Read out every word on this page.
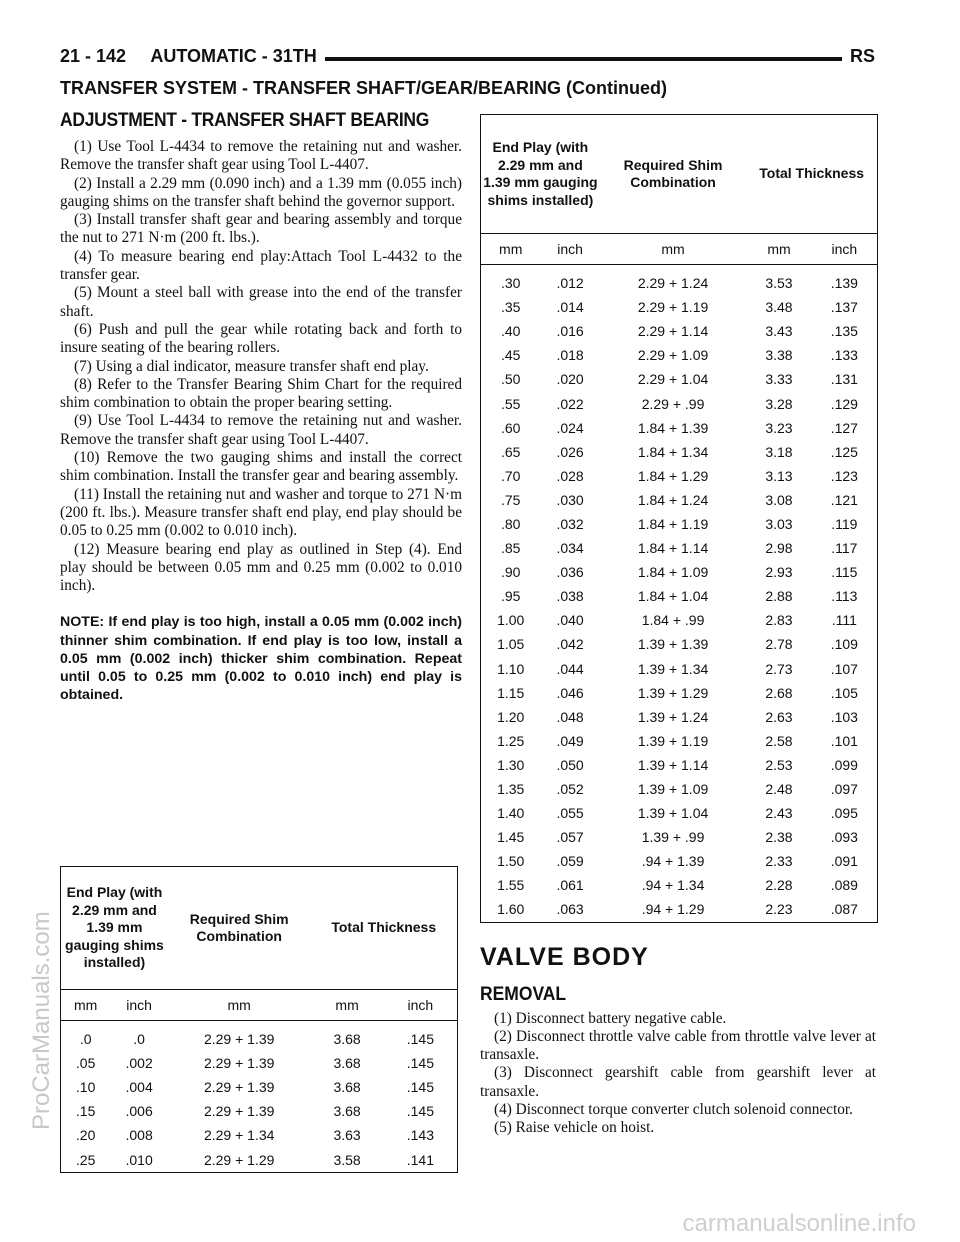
21 - 142     AUTOMATIC - 31TH	RS
TRANSFER SYSTEM - TRANSFER SHAFT/GEAR/BEARING (Continued)
ADJUSTMENT - TRANSFER SHAFT BEARING

(1) Use Tool L-4434 to remove the retaining nut and washer. Remove the transfer shaft gear using Tool L-4407.

(2) Install a 2.29 mm (0.090 inch) and a 1.39 mm (0.055 inch) gauging shims on the transfer shaft behind the governor support.

(3) Install transfer shaft gear and bearing assembly and torque the nut to 271 N·m (200 ft. lbs.).

(4) To measure bearing end play:Attach Tool L-4432 to the transfer gear.

(5) Mount a steel ball with grease into the end of the transfer shaft.

(6) Push and pull the gear while rotating back and forth to insure seating of the bearing rollers.

(7) Using a dial indicator, measure transfer shaft end play.

(8) Refer to the Transfer Bearing Shim Chart for the required shim combination to obtain the proper bearing setting.

(9) Use Tool L-4434 to remove the retaining nut and washer. Remove the transfer shaft gear using Tool L-4407.

(10) Remove the two gauging shims and install the correct shim combination. Install the transfer gear and bearing assembly.

(11) Install the retaining nut and washer and torque to 271 N·m (200 ft. lbs.). Measure transfer shaft end play, end play should be 0.05 to 0.25 mm (0.002 to 0.010 inch).

(12) Measure bearing end play as outlined in Step (4). End play should be between 0.05 mm and 0.25 mm (0.002 to 0.010 inch).

NOTE: If end play is too high, install a 0.05 mm (0.002 inch) thinner shim combination. If end play is too low, install a 0.05 mm (0.002 inch) thicker shim combination. Repeat until 0.05 to 0.25 mm (0.002 to 0.010 inch) end play is obtained.
End Play (with 2.29 mm and 1.39 mm gauging shims installed)		Required Shim Combination	Total Thickness	
mm	inch	mm	mm	inch
.0	.0	2.29 + 1.39	3.68	.145
.05	.002	2.29 + 1.39	3.68	.145
.10	.004	2.29 + 1.39	3.68	.145
.15	.006	2.29 + 1.39	3.68	.145
.20	.008	2.29 + 1.34	3.63	.143
.25	.010	2.29 + 1.29	3.58	.141
End Play (with 2.29 mm and 1.39 mm gauging shims installed)		Required Shim Combination	Total Thickness	
mm	inch	mm	mm	inch
.30	.012	2.29 + 1.24	3.53	.139
.35	.014	2.29 + 1.19	3.48	.137
.40	.016	2.29 + 1.14	3.43	.135
.45	.018	2.29 + 1.09	3.38	.133
.50	.020	2.29 + 1.04	3.33	.131
.55	.022	2.29 + .99	3.28	.129
.60	.024	1.84 + 1.39	3.23	.127
.65	.026	1.84 + 1.34	3.18	.125
.70	.028	1.84 + 1.29	3.13	.123
.75	.030	1.84 + 1.24	3.08	.121
.80	.032	1.84 + 1.19	3.03	.119
.85	.034	1.84 + 1.14	2.98	.117
.90	.036	1.84 + 1.09	2.93	.115
.95	.038	1.84 + 1.04	2.88	.113
1.00	.040	1.84 + .99	2.83	.111
1.05	.042	1.39 + 1.39	2.78	.109
1.10	.044	1.39 + 1.34	2.73	.107
1.15	.046	1.39 + 1.29	2.68	.105
1.20	.048	1.39 + 1.24	2.63	.103
1.25	.049	1.39 + 1.19	2.58	.101
1.30	.050	1.39 + 1.14	2.53	.099
1.35	.052	1.39 + 1.09	2.48	.097
1.40	.055	1.39 + 1.04	2.43	.095
1.45	.057	1.39 + .99	2.38	.093
1.50	.059	.94 + 1.39	2.33	.091
1.55	.061	.94 + 1.34	2.28	.089
1.60	.063	.94 + 1.29	2.23	.087
VALVE BODY
REMOVAL

(1) Disconnect battery negative cable.

(2) Disconnect throttle valve cable from throttle valve lever at transaxle.

(3) Disconnect gearshift cable from gearshift lever at transaxle.

(4) Disconnect torque converter clutch solenoid connector.

(5) Raise vehicle on hoist.

ProCarManuals.com
carmanualsonline.info
